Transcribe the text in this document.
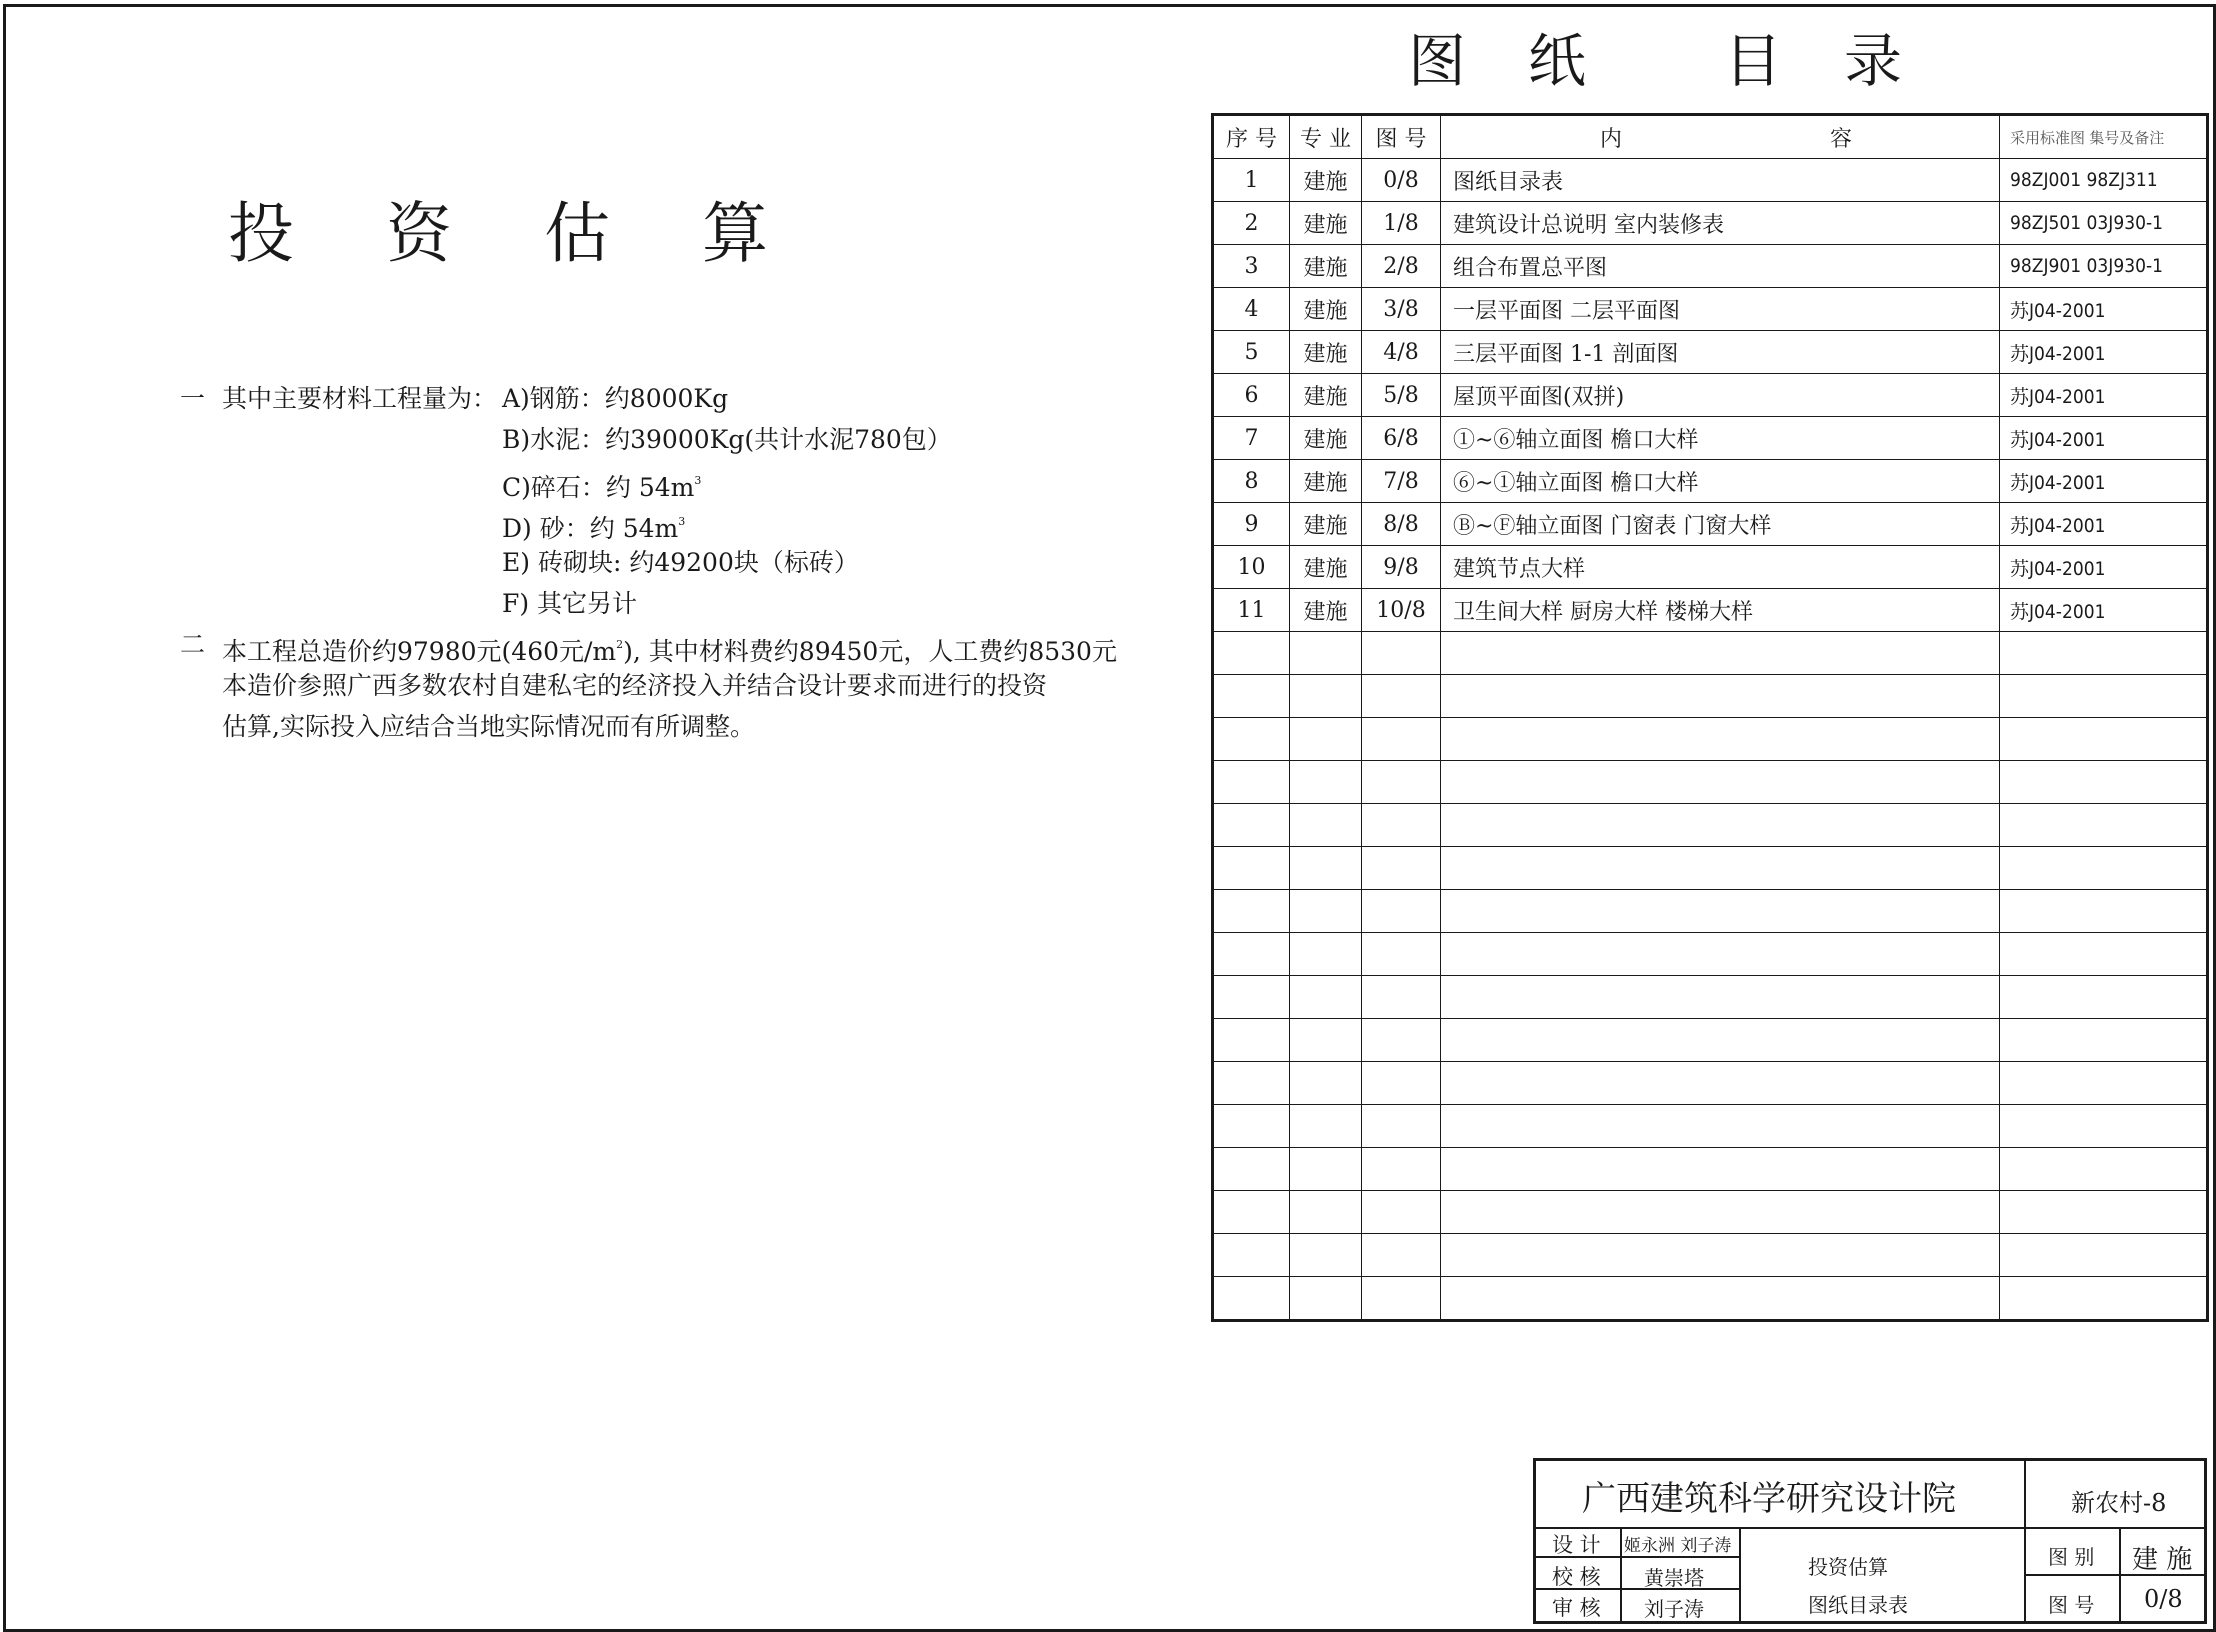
投 资 估 算
一 其中主要材料工程量为： A)钢筋：约8000Kg
B)水泥：约39000Kg(共计水泥780包）
C)碎石：约 $54m^3$
D) 砂：约 $54m^3$
E) 砖砌块: 约49200块（标砖）
F) 其它另计
二 本工程总造价约97980元(460元$/m^2$), 其中材料费约89450元，人工费约8530元
本造价参照广西多数农村自建私宅的经济投入并结合设计要求而进行的投资
估算,实际投入应结合当地实际情况而有所调整。
图 纸 目 录
序 号	专 业	图 号	内 容	采用标准图 集号及备注
1	建施	0/8	图纸目录表	98ZJ001 98ZJ311
2	建施	1/8	建筑设计总说明 室内装修表	98ZJ501 03J930-1
3	建施	2/8	组合布置总平图	98ZJ901 03J930-1
4	建施	3/8	一层平面图 二层平面图	苏J04-2001
5	建施	4/8	三层平面图 1-1 剖面图	苏J04-2001
6	建施	5/8	屋顶平面图(双拼)	苏J04-2001
7	建施	6/8	①~⑥轴立面图 檐口大样	苏J04-2001
8	建施	7/8	⑥~①轴立面图 檐口大样	苏J04-2001
9	建施	8/8	Ⓑ~Ⓕ轴立面图 门窗表 门窗大样	苏J04-2001
10	建施	9/8	建筑节点大样	苏J04-2001
11	建施	10/8	卫生间大样 厨房大样 楼梯大样	苏J04-2001

广西建筑科学研究设计院	新农村-8
设 计 姬永洲 刘子涛
校 核 黄崇塔
审 核 刘子涛
投资估算
图纸目录表
图 别 建 施
图 号 0/8
